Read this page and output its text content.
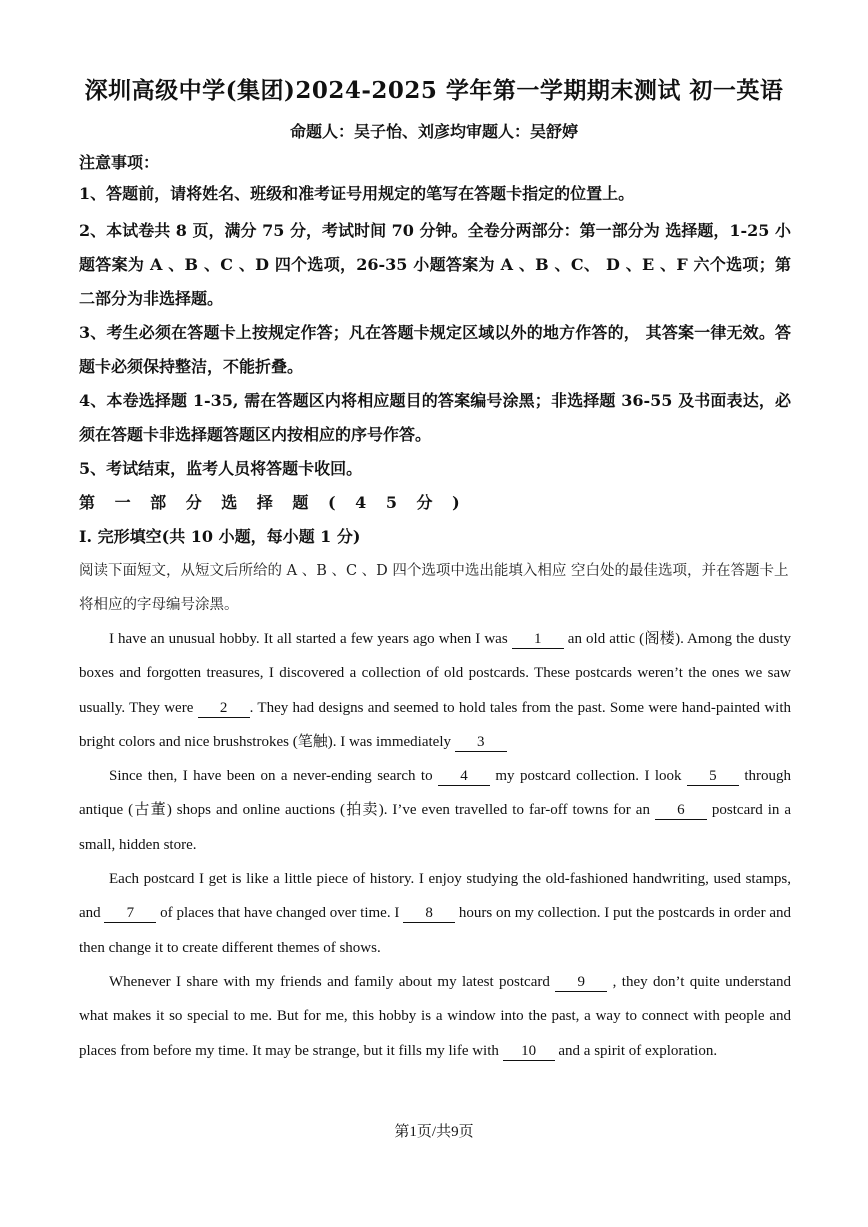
深圳高级中学(集团)2024-2025 学年第一学期期末测试 初一英语
命题人：吴子怡、刘彦均审题人：吴舒婷

注意事项：

1、答题前，请将姓名、班级和准考证号用规定的笔写在答题卡指定的位置上。

2、本试卷共 8 页，满分 75 分，考试时间 70 分钟。全卷分两部分：第一部分为 选择题，1-25 小题答案为 A 、B 、C 、D 四个选项，26-35 小题答案为 A 、B 、C、 D 、E 、F 六个选项；第二部分为非选择题。

3、考生必须在答题卡上按规定作答；凡在答题卡规定区域以外的地方作答的， 其答案一律无效。答题卡必须保持整洁，不能折叠。

4、本卷选择题 1-35, 需在答题区内将相应题目的答案编号涂黑；非选择题 36-55 及书面表达，必须在答题卡非选择题答题区内按相应的序号作答。

5、考试结束，监考人员将答题卡收回。

第 一 部 分 选 择 题 ( 4 5 分 )

I. 完形填空(共 10 小题，每小题 1 分)

阅读下面短文，从短文后所给的 A 、B 、C 、D 四个选项中选出能填入相应 空白处的最佳选项，并在答题卡上将相应的字母编号涂黑。

I have an unusual hobby. It all started a few years ago when I was 1 an old attic (阁楼). Among the dusty boxes and forgotten treasures, I discovered a collection of old postcards. These postcards weren’t the ones we saw usually. They were 2 . They had designs and seemed to hold tales from the past. Some were hand-painted with bright colors and nice brushstrokes (笔触). I was immediately 3

Since then, I have been on a never-ending search to 4 my postcard collection. I look 5 through antique (古董) shops and online auctions (拍卖). I’ve even travelled to far-off towns for an 6 postcard in a small, hidden store.

Each postcard I get is like a little piece of history. I enjoy studying the old-fashioned handwriting, used stamps, and 7 of places that have changed over time. I 8 hours on my collection. I put the postcards in order and then change it to create different themes of shows.

Whenever I share with my friends and family about my latest postcard 9 , they don’t quite understand what makes it so special to me. But for me, this hobby is a window into the past, a way to connect with people and places from before my time. It may be strange, but it fills my life with 10 and a spirit of exploration.

第1页/共9页
